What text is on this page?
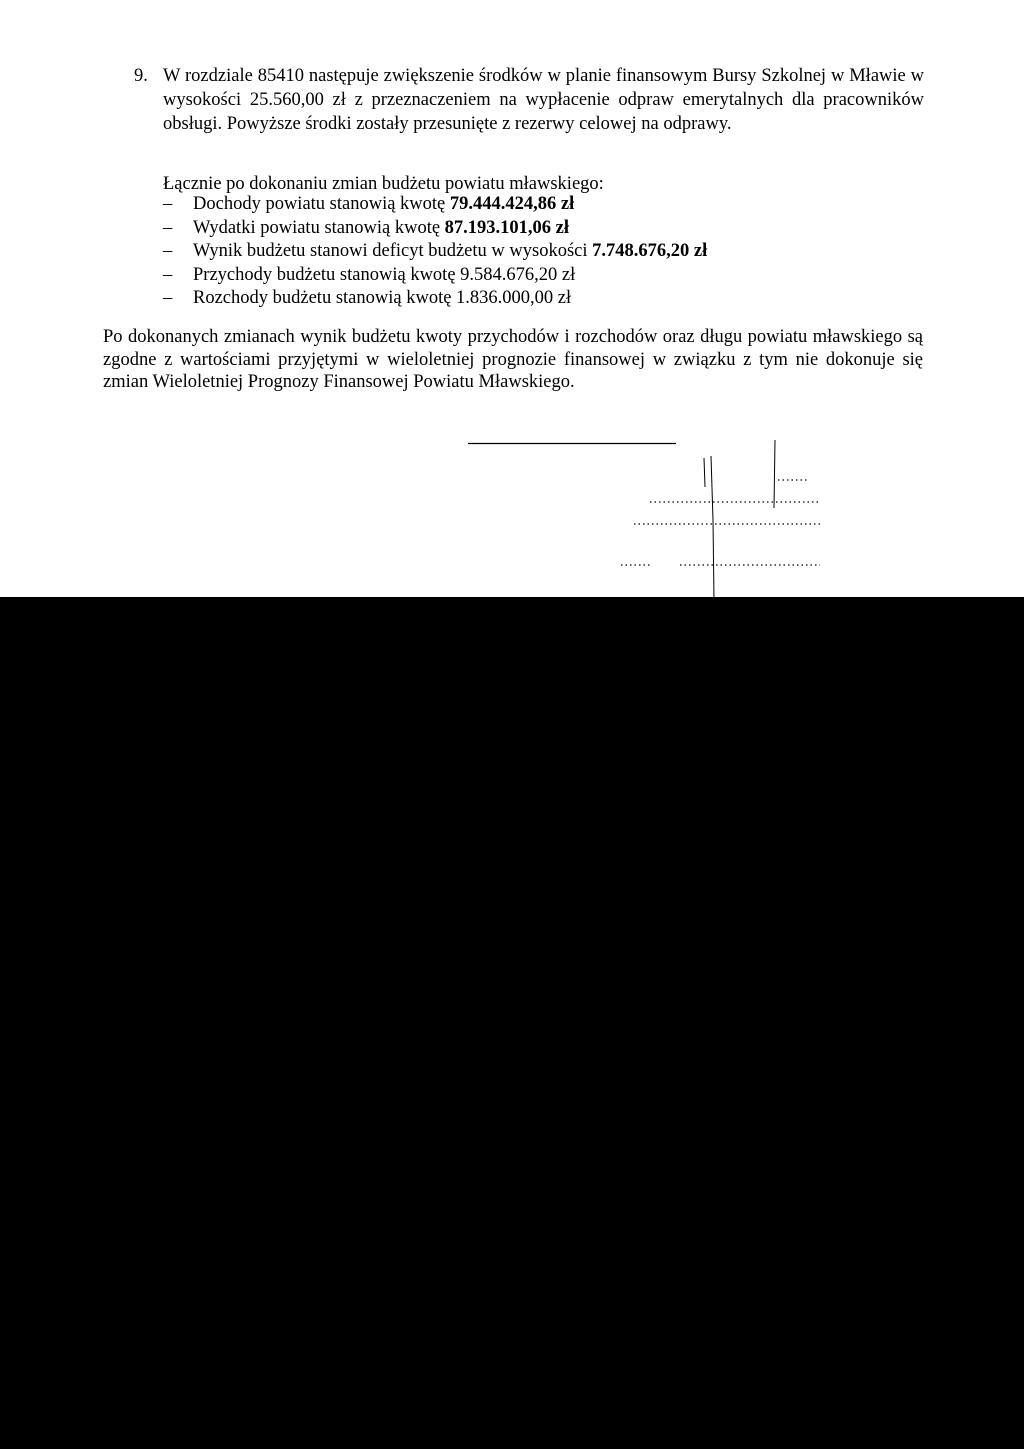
9. W rozdziale 85410 następuje zwiększenie środków w planie finansowym Bursy Szkolnej w Mławie w wysokości 25.560,00 zł z przeznaczeniem na wypłacenie odpraw emerytalnych dla pracowników obsługi. Powyższe środki zostały przesunięte z rezerwy celowej na odprawy.
Łącznie po dokonaniu zmian budżetu powiatu mławskiego:
– Dochody powiatu stanowią kwotę 79.444.424,86 zł
– Wydatki powiatu stanowią kwotę 87.193.101,06 zł
– Wynik budżetu stanowi deficyt budżetu w wysokości 7.748.676,20 zł
– Przychody budżetu stanowią kwotę 9.584.676,20 zł
– Rozchody budżetu stanowią kwotę 1.836.000,00 zł
Po dokonanych zmianach wynik budżetu kwoty przychodów i rozchodów oraz długu powiatu mławskiego są zgodne z wartościami przyjętymi w wieloletniej prognozie finansowej w związku z tym nie dokonuje się zmian Wieloletniej Prognozy Finansowej Powiatu Mławskiego.
